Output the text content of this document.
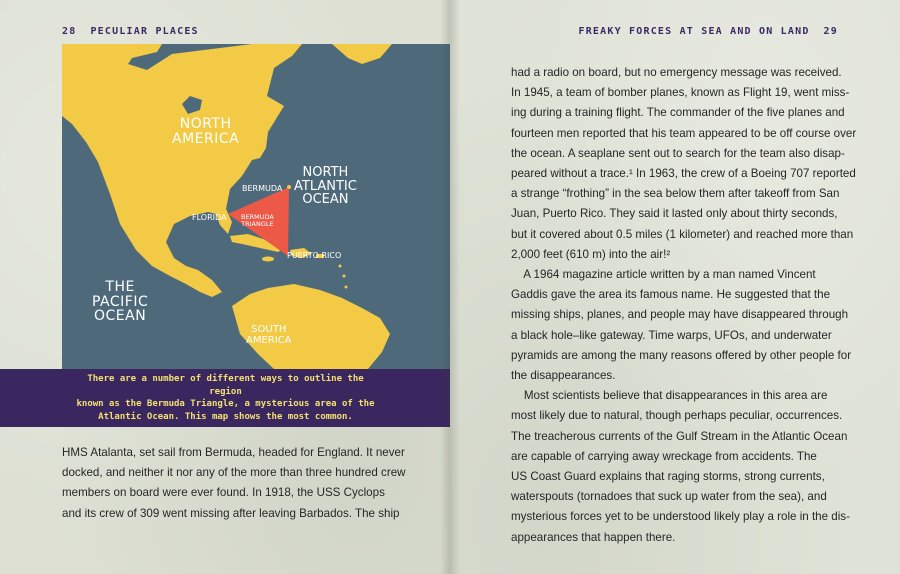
28 PECULIAR PLACES
NORTH
AMERICA
NORTH
ATLANTIC
OCEAN
THE
PACIFIC
OCEAN
SOUTH
AMERICA
BERMUDA
FLORIDA
PUERTO RICO
BERMUDA
TRIANGLE

There are a number of different ways to outline the region
known as the Bermuda Triangle, a mysterious area of the
Atlantic Ocean. This map shows the most common.

HMS Atalanta, set sail from Bermuda, headed for England. It never
docked, and neither it nor any of the more than three hundred crew
members on board were ever found. In 1918, the USS Cyclops
and its crew of 309 went missing after leaving Barbados. The ship

FREAKY FORCES AT SEA AND ON LAND 29

had a radio on board, but no emergency message was received.
In 1945, a team of bomber planes, known as Flight 19, went miss-
ing during a training flight. The commander of the five planes and
fourteen men reported that his team appeared to be off course over
the ocean. A seaplane sent out to search for the team also disap-
peared without a trace.¹ In 1963, the crew of a Boeing 707 reported
a strange “frothing” in the sea below them after takeoff from San
Juan, Puerto Rico. They said it lasted only about thirty seconds,
but it covered about 0.5 miles (1 kilometer) and reached more than
2,000 feet (610 m) into the air!²
A 1964 magazine article written by a man named Vincent
Gaddis gave the area its famous name. He suggested that the
missing ships, planes, and people may have disappeared through
a black hole–like gateway. Time warps, UFOs, and underwater
pyramids are among the many reasons offered by other people for
the disappearances.
Most scientists believe that disappearances in this area are
most likely due to natural, though perhaps peculiar, occurrences.
The treacherous currents of the Gulf Stream in the Atlantic Ocean
are capable of carrying away wreckage from accidents. The
US Coast Guard explains that raging storms, strong currents,
waterspouts (tornadoes that suck up water from the sea), and
mysterious forces yet to be understood likely play a role in the dis-
appearances that happen there.
